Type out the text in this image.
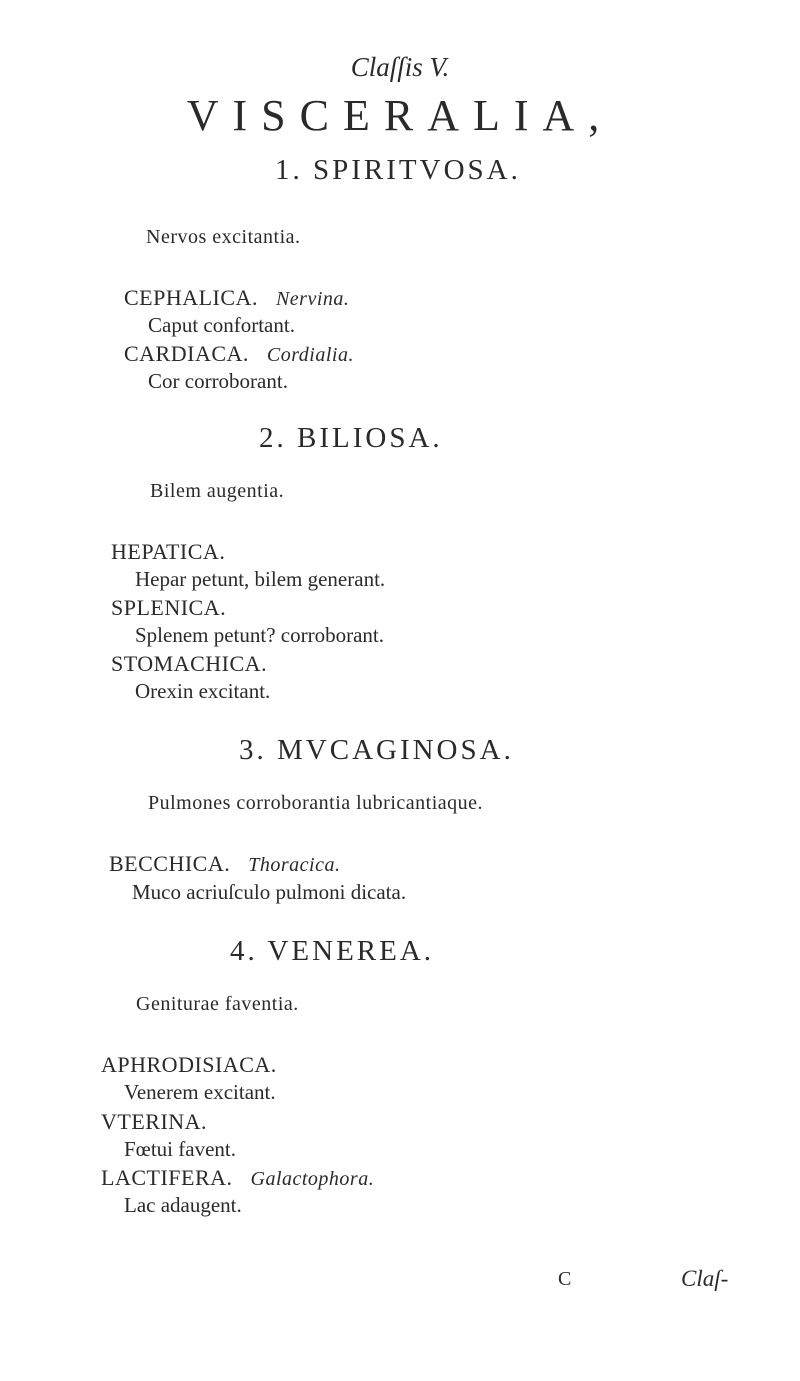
Claſſis V.
VISCERALIA,
1. SPIRITVOSA.
Nervos excitantia.
CEPHALICA. Nervina.
Caput confortant.
CARDIACA. Cordialia.
Cor corroborant.
2. BILIOSA.
Bilem augentia.
HEPATICA.
Hepar petunt, bilem generant.
SPLENICA.
Splenem petunt? corroborant.
STOMACHICA.
Orexin excitant.
3. MVCAGINOSA.
Pulmones corroborantia lubricantiaque.
BECCHICA. Thoracica.
Muco acriuſculo pulmoni dicata.
4. VENEREA.
Geniturae faventia.
APHRODISIACA.
Venerem excitant.
VTERINA.
Fœtui favent.
LACTIFERA. Galactophora.
Lac adaugent.
C	Claſ-
